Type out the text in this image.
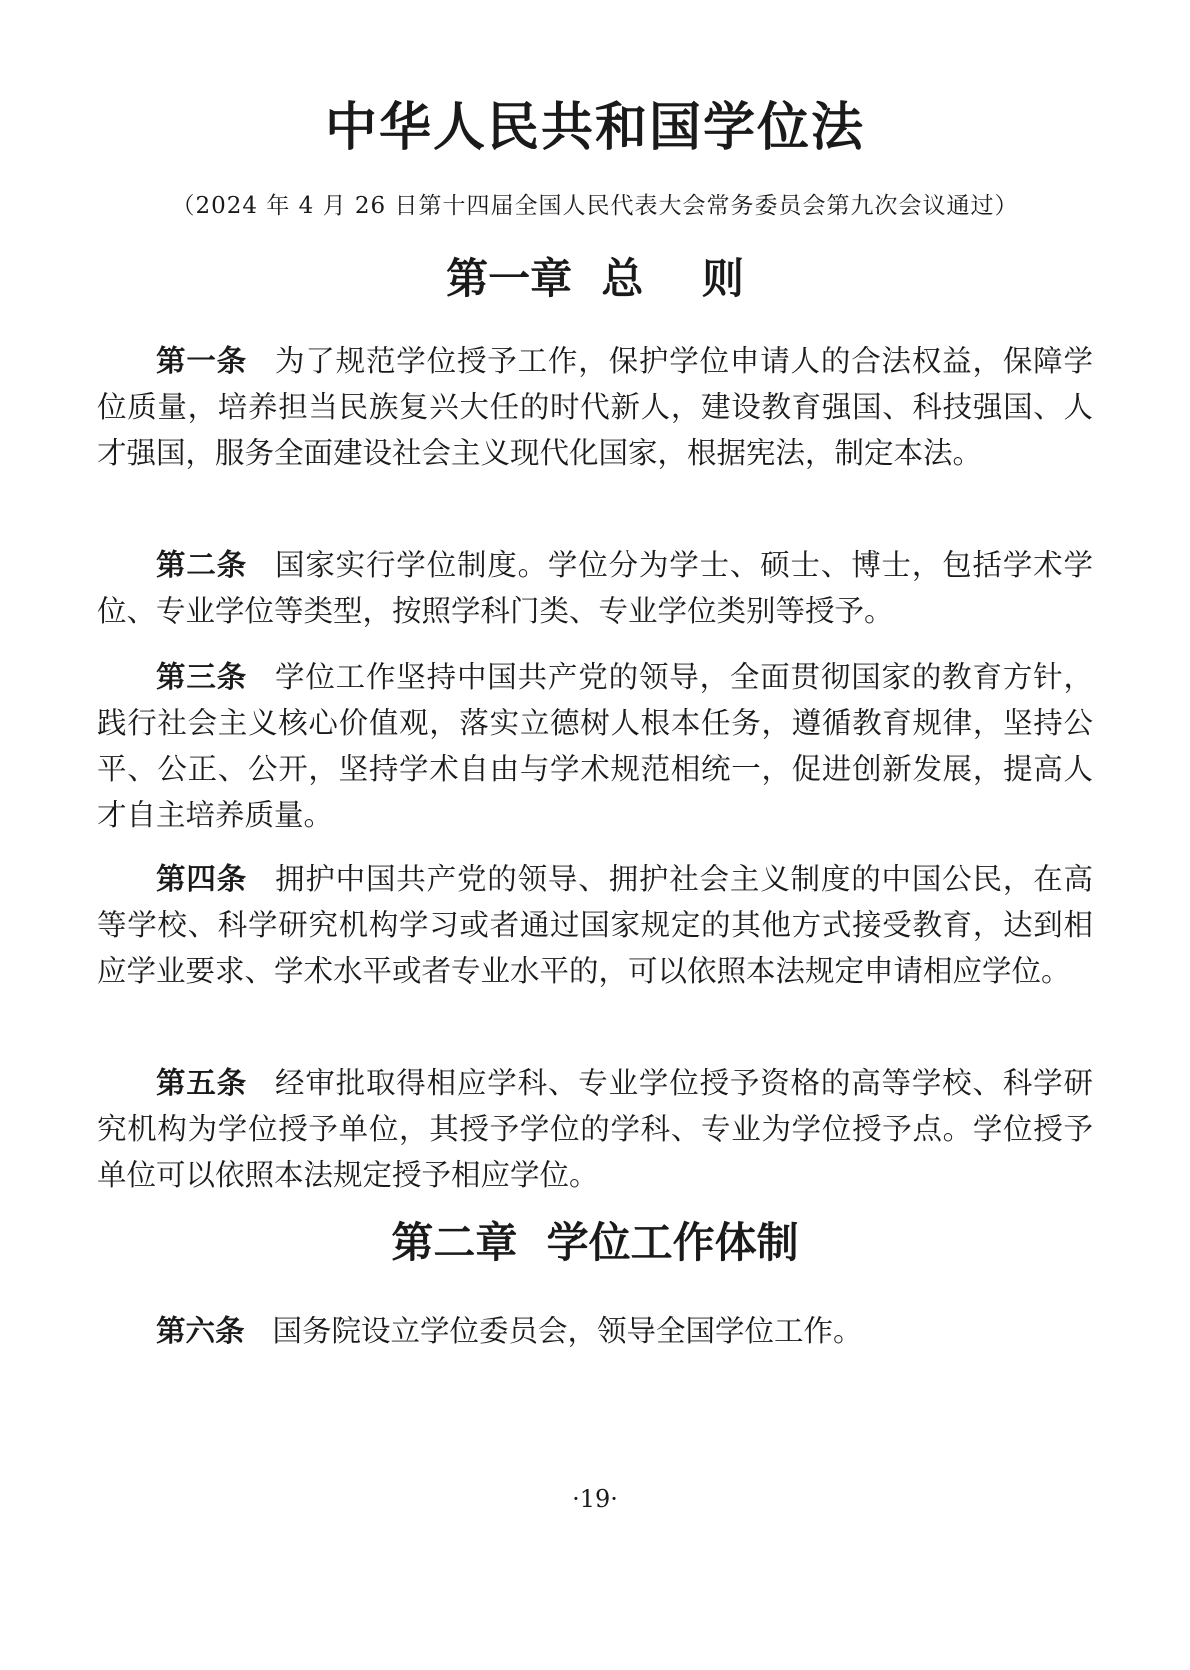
中华人民共和国学位法

（2024 年 4 月 26 日第十四届全国人民代表大会常务委员会第九次会议通过）

第一章  总    则

第一条 为了规范学位授予工作，保护学位申请人的合法权益，保障学位质量，培养担当民族复兴大任的时代新人，建设教育强国、科技强国、人才强国，服务全面建设社会主义现代化国家，根据宪法，制定本法。

第二条 国家实行学位制度。学位分为学士、硕士、博士，包括学术学位、专业学位等类型，按照学科门类、专业学位类别等授予。

第三条 学位工作坚持中国共产党的领导，全面贯彻国家的教育方针，践行社会主义核心价值观，落实立德树人根本任务，遵循教育规律，坚持公平、公正、公开，坚持学术自由与学术规范相统一，促进创新发展，提高人才自主培养质量。

第四条 拥护中国共产党的领导、拥护社会主义制度的中国公民，在高等学校、科学研究机构学习或者通过国家规定的其他方式接受教育，达到相应学业要求、学术水平或者专业水平的，可以依照本法规定申请相应学位。

第五条 经审批取得相应学科、专业学位授予资格的高等学校、科学研究机构为学位授予单位，其授予学位的学科、专业为学位授予点。学位授予单位可以依照本法规定授予相应学位。

第二章  学位工作体制

第六条 国务院设立学位委员会，领导全国学位工作。

·19·
